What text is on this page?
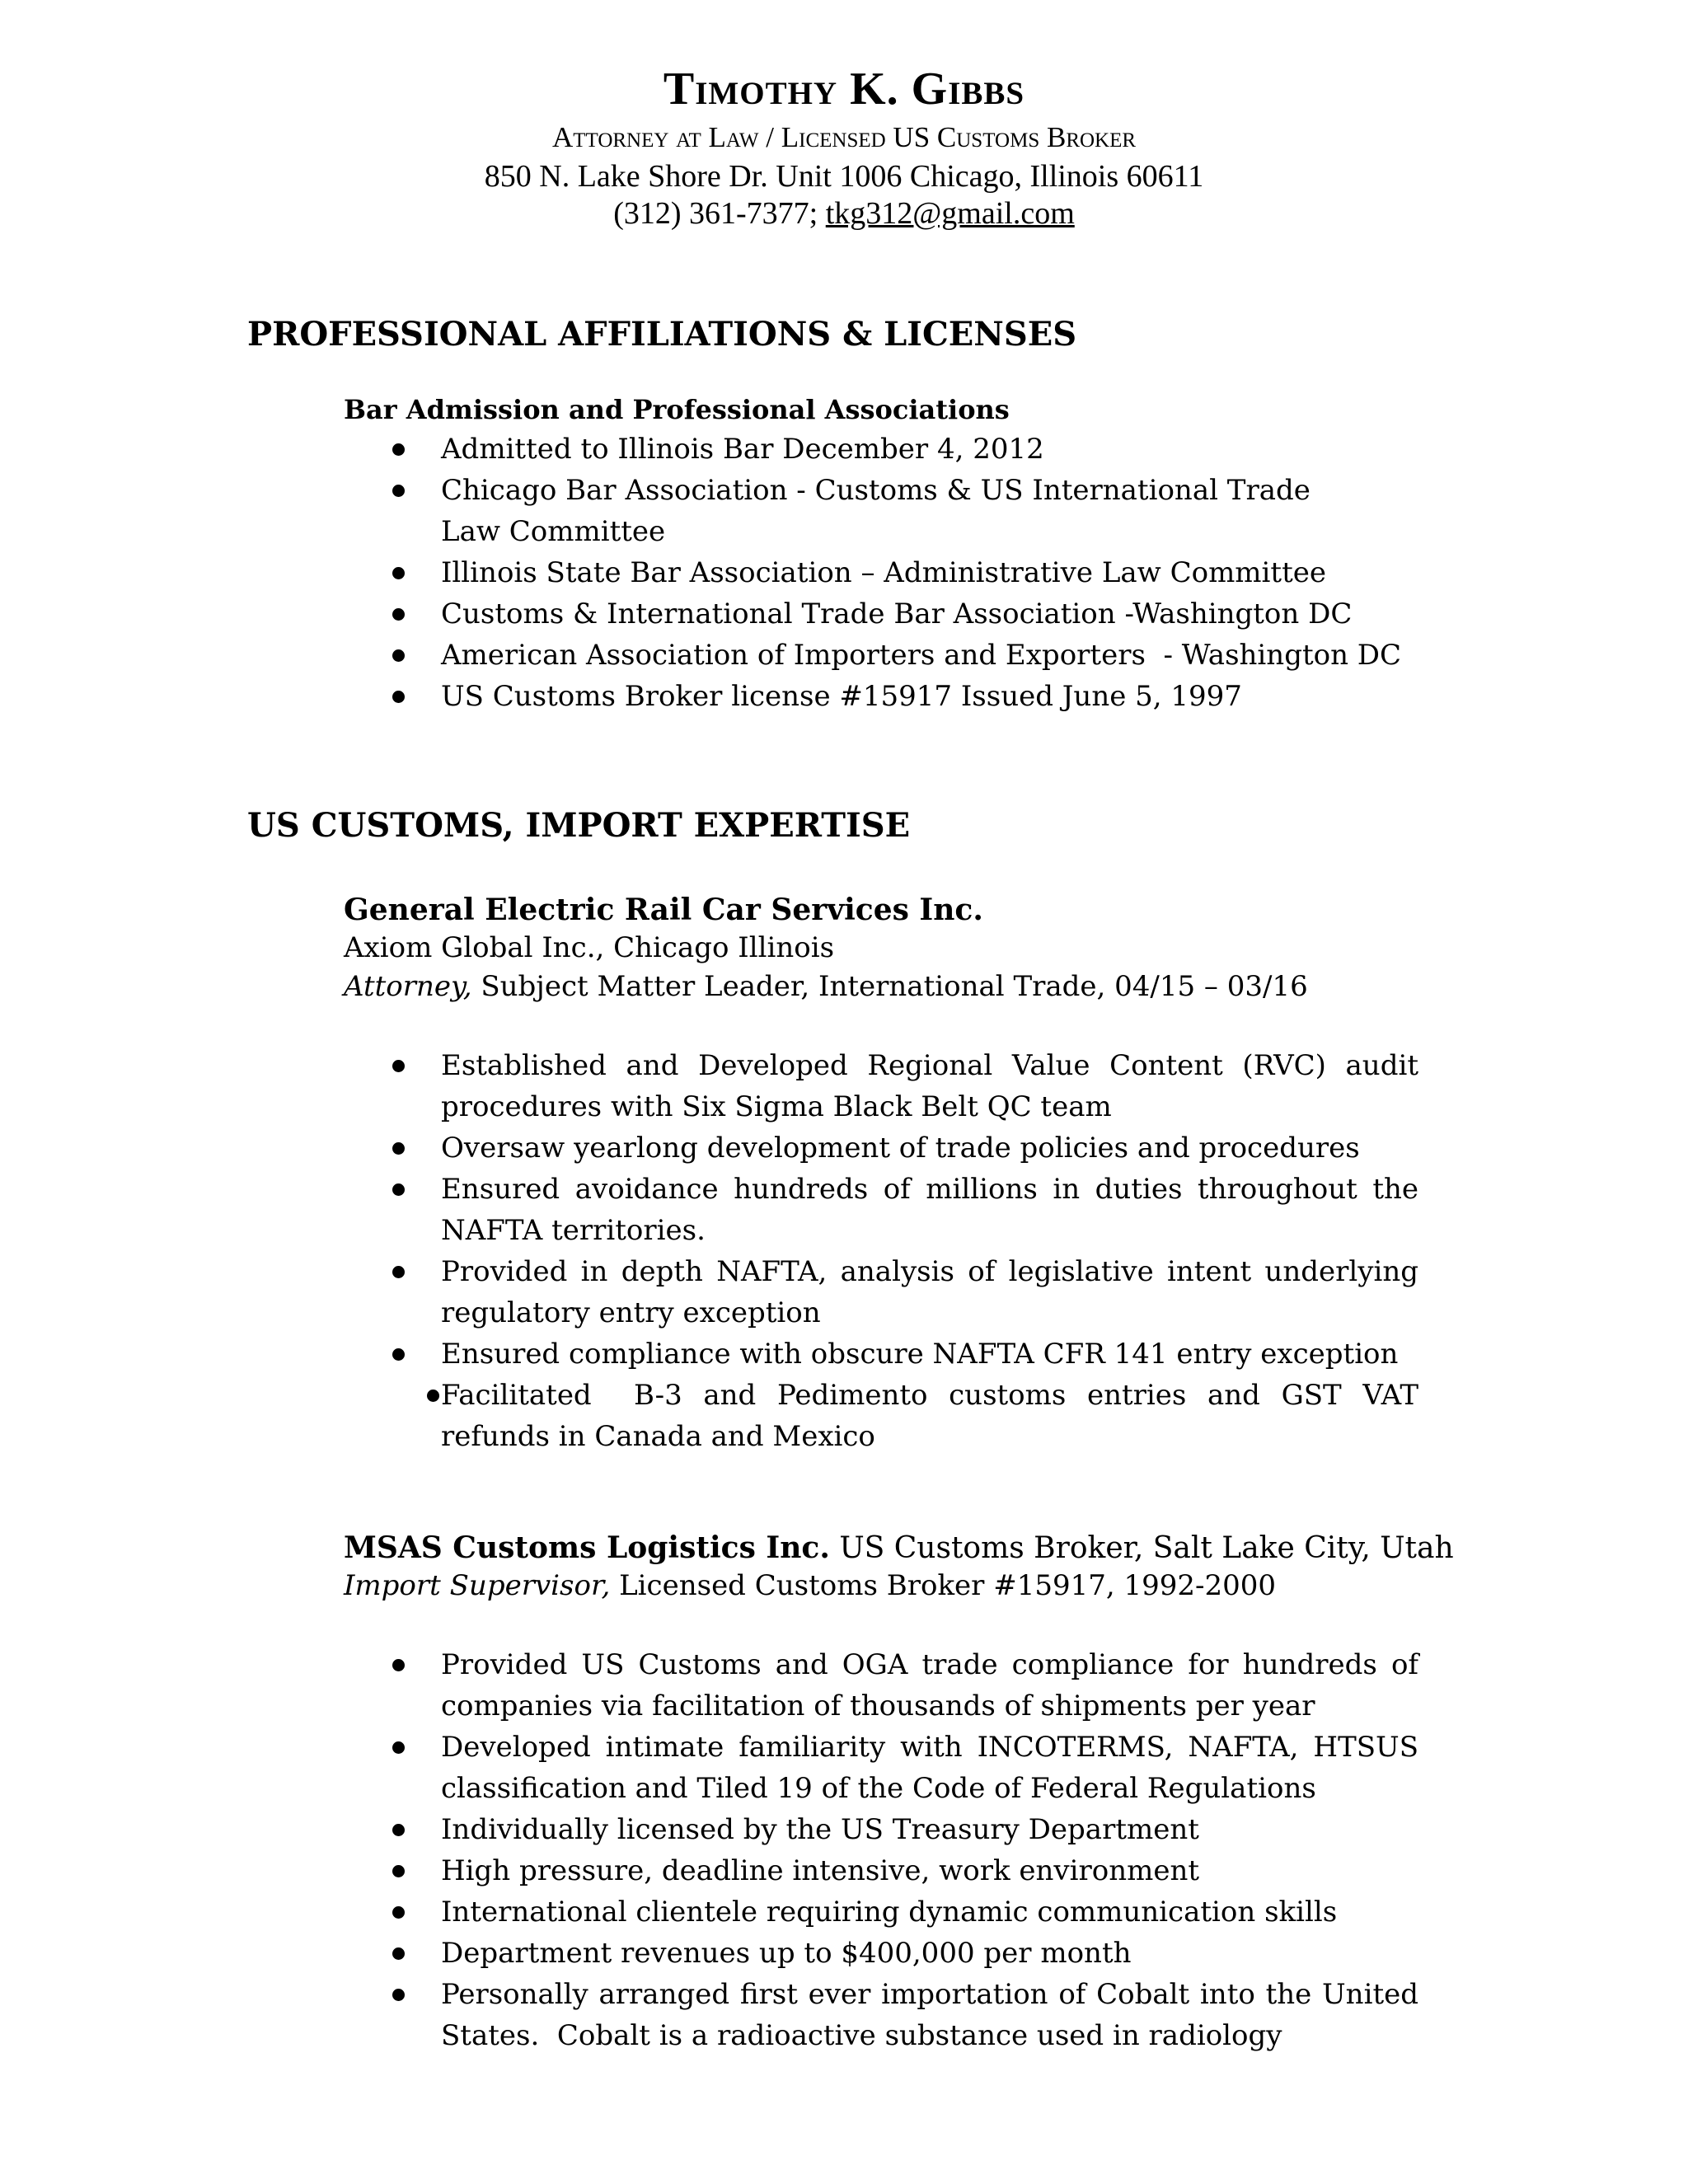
Timothy K. Gibbs
Attorney at Law / Licensed US Customs Broker
850 N. Lake Shore Dr. Unit 1006 Chicago, Illinois 60611
(312) 361-7377; tkg312@gmail.com
PROFESSIONAL AFFILIATIONS & LICENSES
Bar Admission and Professional Associations
Admitted to Illinois Bar December 4, 2012
Chicago Bar Association - Customs & US International Trade Law Committee
Illinois State Bar Association – Administrative Law Committee
Customs & International Trade Bar Association -Washington DC
American Association of Importers and Exporters  - Washington DC
US Customs Broker license #15917 Issued June 5, 1997
US CUSTOMS, IMPORT EXPERTISE
General Electric Rail Car Services Inc.
Axiom Global Inc., Chicago Illinois
Attorney, Subject Matter Leader, International Trade, 04/15 – 03/16
Established and Developed Regional Value Content (RVC) audit procedures with Six Sigma Black Belt QC team
Oversaw yearlong development of trade policies and procedures
Ensured avoidance hundreds of millions in duties throughout the NAFTA territories.
Provided in depth NAFTA, analysis of legislative intent underlying regulatory entry exception
Ensured compliance with obscure NAFTA CFR 141 entry exception
Facilitated  B-3 and Pedimento customs entries and GST VAT refunds in Canada and Mexico
MSAS Customs Logistics Inc. US Customs Broker, Salt Lake City, Utah
Import Supervisor, Licensed Customs Broker #15917, 1992-2000
Provided US Customs and OGA trade compliance for hundreds of companies via facilitation of thousands of shipments per year
Developed intimate familiarity with INCOTERMS, NAFTA, HTSUS classification and Tiled 19 of the Code of Federal Regulations
Individually licensed by the US Treasury Department
High pressure, deadline intensive, work environment
International clientele requiring dynamic communication skills
Department revenues up to $400,000 per month
Personally arranged first ever importation of Cobalt into the United States.  Cobalt is a radioactive substance used in radiology
